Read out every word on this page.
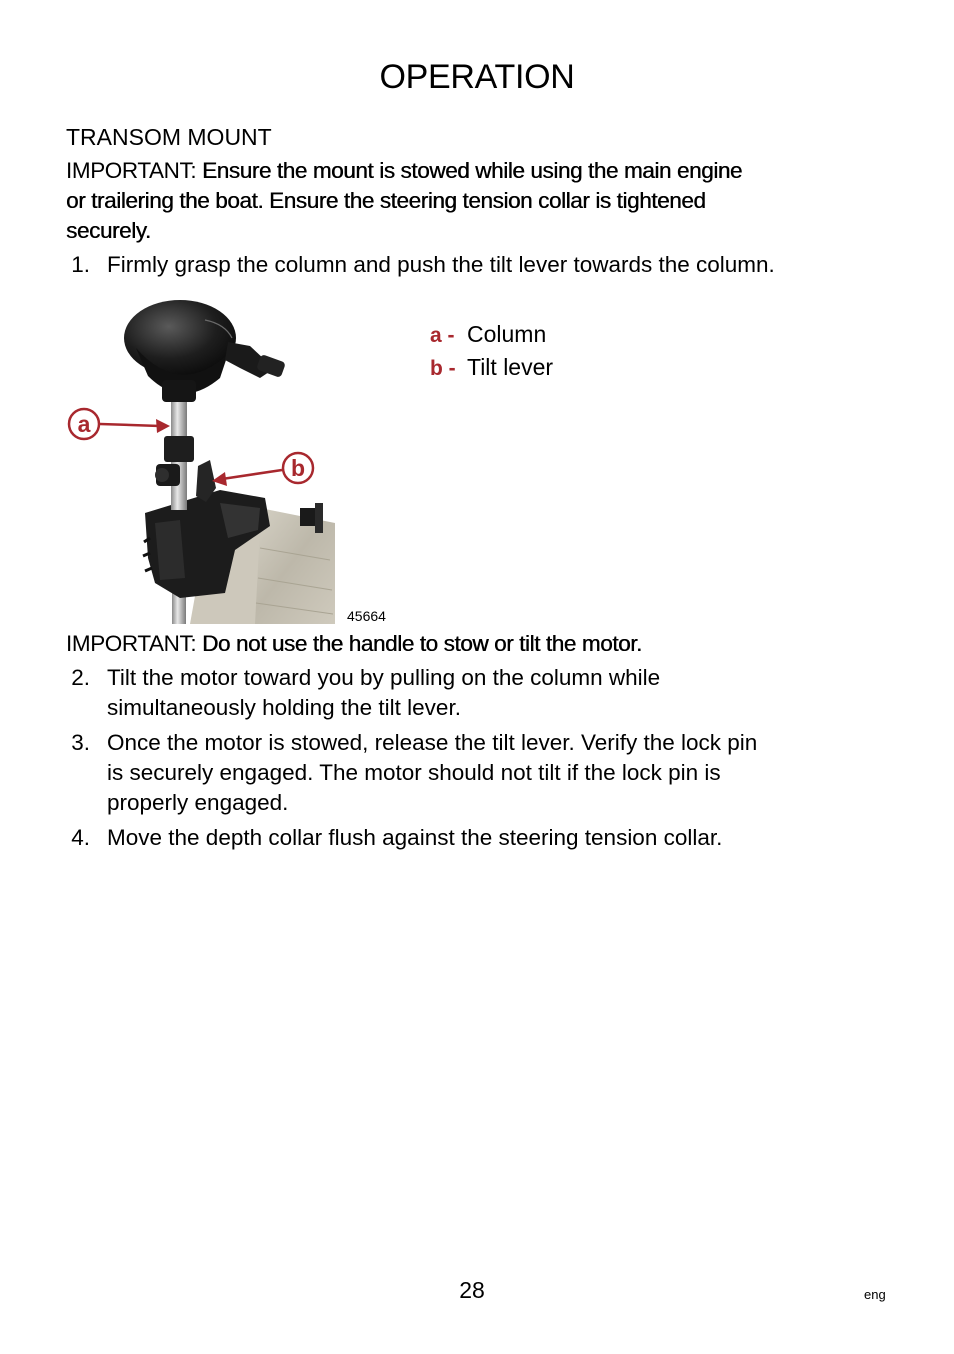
OPERATION
TRANSOM MOUNT
IMPORTANT: Ensure the mount is stowed while using the main engine
or trailering the boat. Ensure the steering tension collar is tightened
securely.
1. Firmly grasp the column and push the tilt lever towards the column.
a
b
45664
a - Column
b - Tilt lever
IMPORTANT: Do not use the handle to stow or tilt the motor.
2. Tilt the motor toward you by pulling on the column while
simultaneously holding the tilt lever.
3. Once the motor is stowed, release the tilt lever. Verify the lock pin
is securely engaged. The motor should not tilt if the lock pin is
properly engaged.
4. Move the depth collar flush against the steering tension collar.
28	eng
